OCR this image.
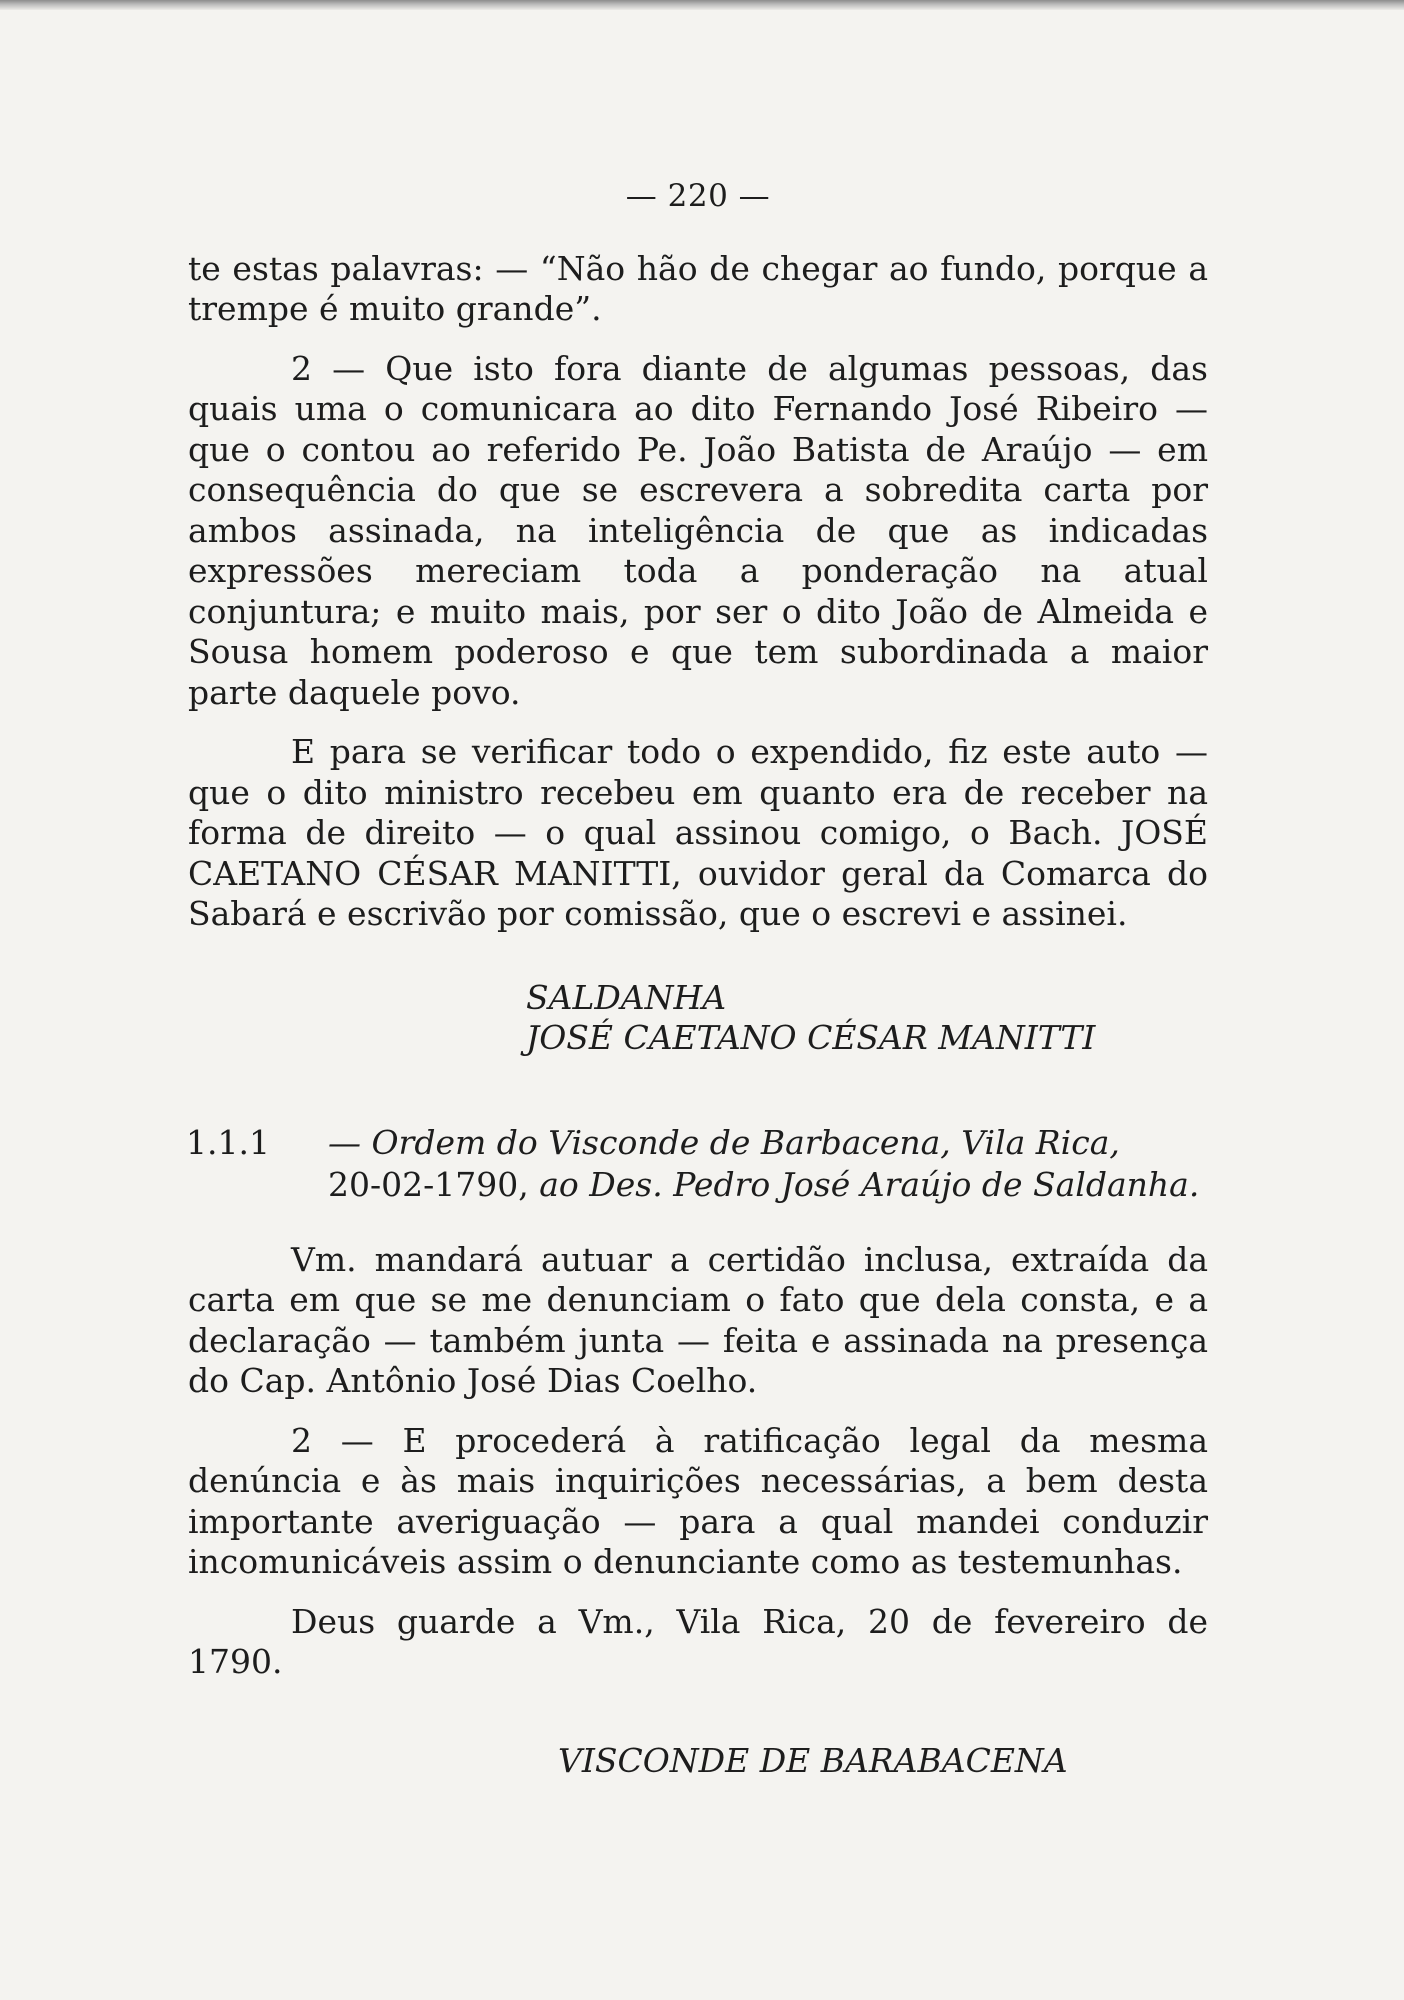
— 220 —

te estas palavras: — “Não hão de chegar ao fundo, porque a trempe é muito grande”.

2 — Que isto fora diante de algumas pessoas, das quais uma o comunicara ao dito Fernando José Ribeiro — que o contou ao referido Pe. João Batista de Araújo — em consequência do que se escrevera a sobredita carta por ambos assinada, na inteligência de que as indicadas expressões mereciam toda a ponderação na atual conjuntura; e muito mais, por ser o dito João de Almeida e Sousa homem poderoso e que tem subordinada a maior parte daquele povo.

E para se verificar todo o expendido, fiz este auto — que o dito ministro recebeu em quanto era de receber na forma de direito — o qual assinou comigo, o Bach. JOSÉ CAETANO CÉSAR MANITTI, ouvidor geral da Comarca do Sabará e escrivão por comissão, que o escrevi e assinei.

SALDANHA
JOSÉ CAETANO CÉSAR MANITTI
1.1.1 — Ordem do Visconde de Barbacena, Vila Rica,
20-02-1790, ao Des. Pedro José Araújo de Saldanha.

Vm. mandará autuar a certidão inclusa, extraída da carta em que se me denunciam o fato que dela consta, e a declaração — também junta — feita e assinada na presença do Cap. Antônio José Dias Coelho.

2 — E procederá à ratificação legal da mesma denúncia e às mais inquirições necessárias, a bem desta importante averiguação — para a qual mandei conduzir incomunicáveis assim o denunciante como as testemunhas.

Deus guarde a Vm., Vila Rica, 20 de fevereiro de 1790.

VISCONDE DE BARABACENA
